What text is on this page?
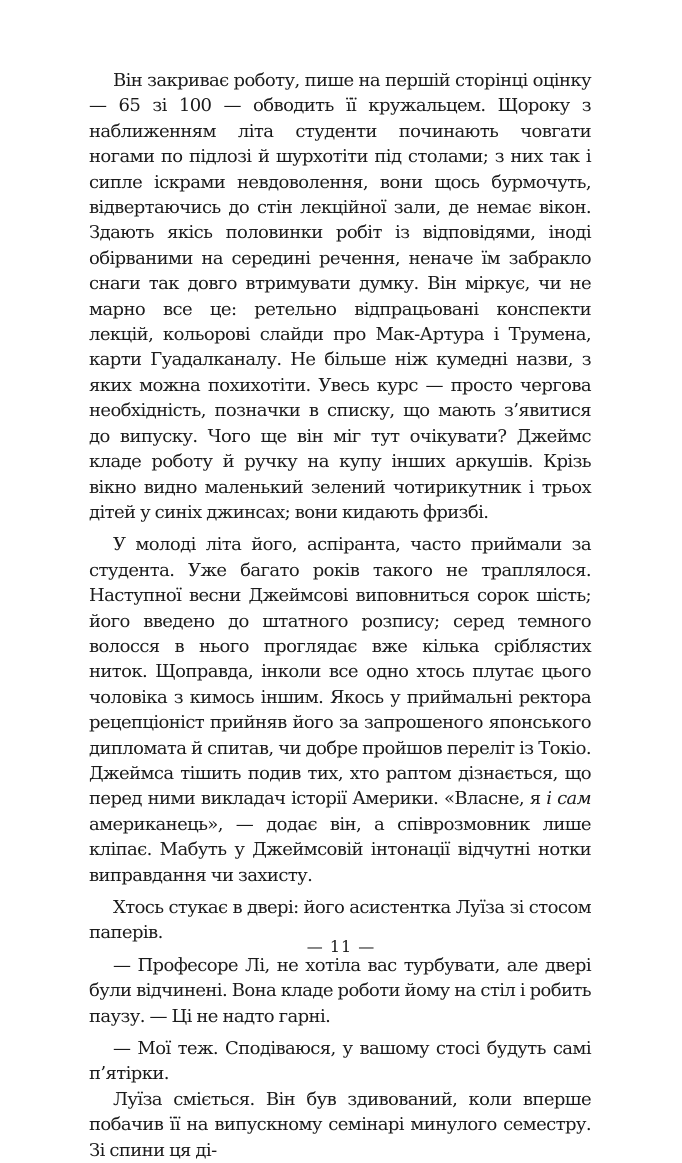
Він закриває роботу, пише на першій сторінці оцінку — 65 зі 100 — обводить її кружальцем. Щороку з наближенням літа студенти починають човгати ногами по підлозі й шурхотіти під столами; з них так і сипле іскрами невдоволення, вони щось бурмочуть, відвертаючись до стін лекційної зали, де немає вікон. Здають якісь половинки робіт із відповідями, іноді обірваними на середині речення, неначе їм забракло снаги так довго втримувати думку. Він міркує, чи не марно все це: ретельно відпрацьовані конспекти лекцій, кольорові слайди про Мак-Артура і Трумена, карти Гуадалканалу. Не більше ніж кумедні назви, з яких можна похихотіти. Увесь курс — просто чергова необхідність, позначки в списку, що мають з’явитися до випуску. Чого ще він міг тут очікувати? Джеймс кладе роботу й ручку на купу інших аркушів. Крізь вікно видно маленький зелений чотирикутник і трьох дітей у синіх джинсах; вони кидають фризбі.

У молоді літа його, аспіранта, часто приймали за студента. Уже багато років такого не траплялося. Наступної весни Джеймсові виповниться сорок шість; його введено до штатного розпису; серед темного волосся в нього проглядає вже кілька сріблястих ниток. Щоправда, інколи все одно хтось плутає цього чоловіка з кимось іншим. Якось у приймальні ректора рецепціоніст прийняв його за запрошеного японського дипломата й спитав, чи добре пройшов переліт із Токіо. Джеймса тішить подив тих, хто раптом дізнається, що перед ними викладач історії Америки. «Власне, я і сам американець», — додає він, а співрозмовник лише кліпає. Мабуть у Джеймсовій інтонації відчутні нотки виправдання чи захисту.

Хтось стукає в двері: його асистентка Луїза зі стосом паперів.

— Професоре Лі, не хотіла вас турбувати, але двері були відчинені. Вона кладе роботи йому на стіл і робить паузу. — Ці не надто гарні.

— Мої теж. Сподіваюся, у вашому стосі будуть самі п’ятірки.

Луїза сміється. Він був здивований, коли вперше побачив її на випускному семінарі минулого семестру. Зі спини ця ді-

— 11 —
